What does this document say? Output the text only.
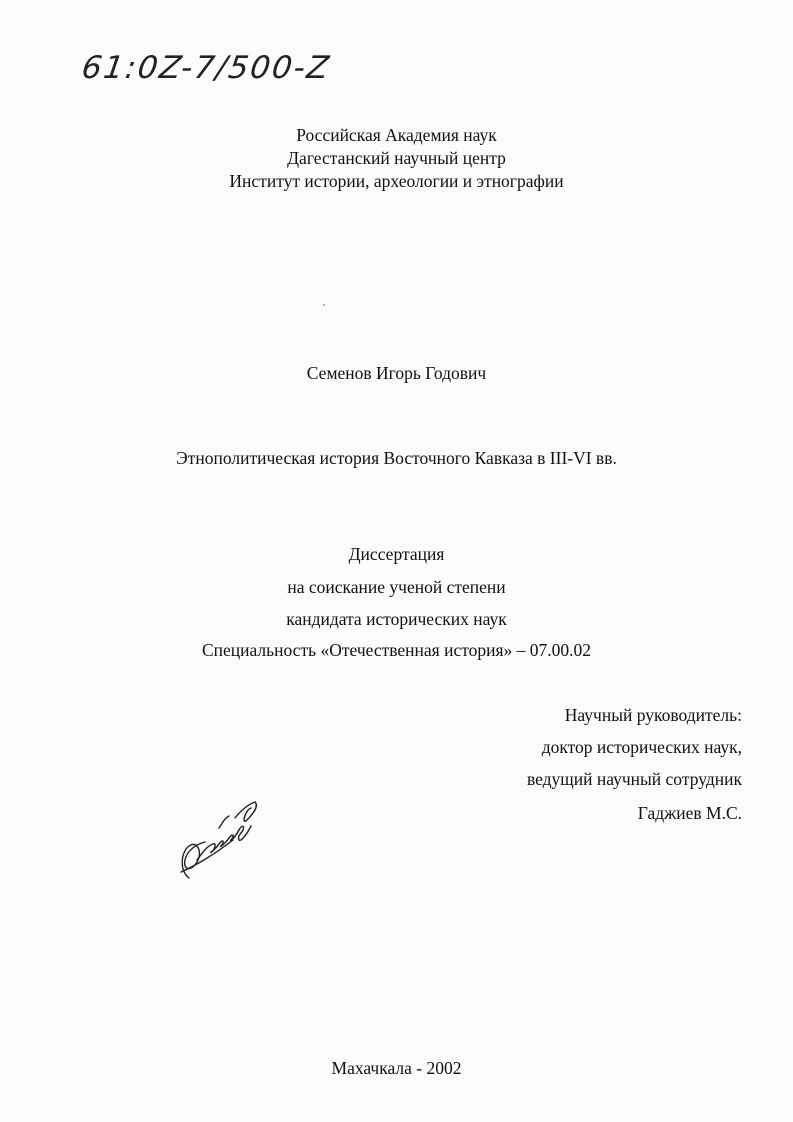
61:0Z-7/500-Z
Российская Академия наук
Дагестанский научный центр
Институт истории, археологии и этнографии
Семенов Игорь Годович
Этнополитическая история Восточного Кавказа в III-VI вв.
Диссертация
на соискание ученой степени
кандидата исторических наук
Специальность «Отечественная история» – 07.00.02
Научный руководитель:
доктор исторических наук,
ведущий научный сотрудник
Гаджиев М.С.
Махачкала - 2002
